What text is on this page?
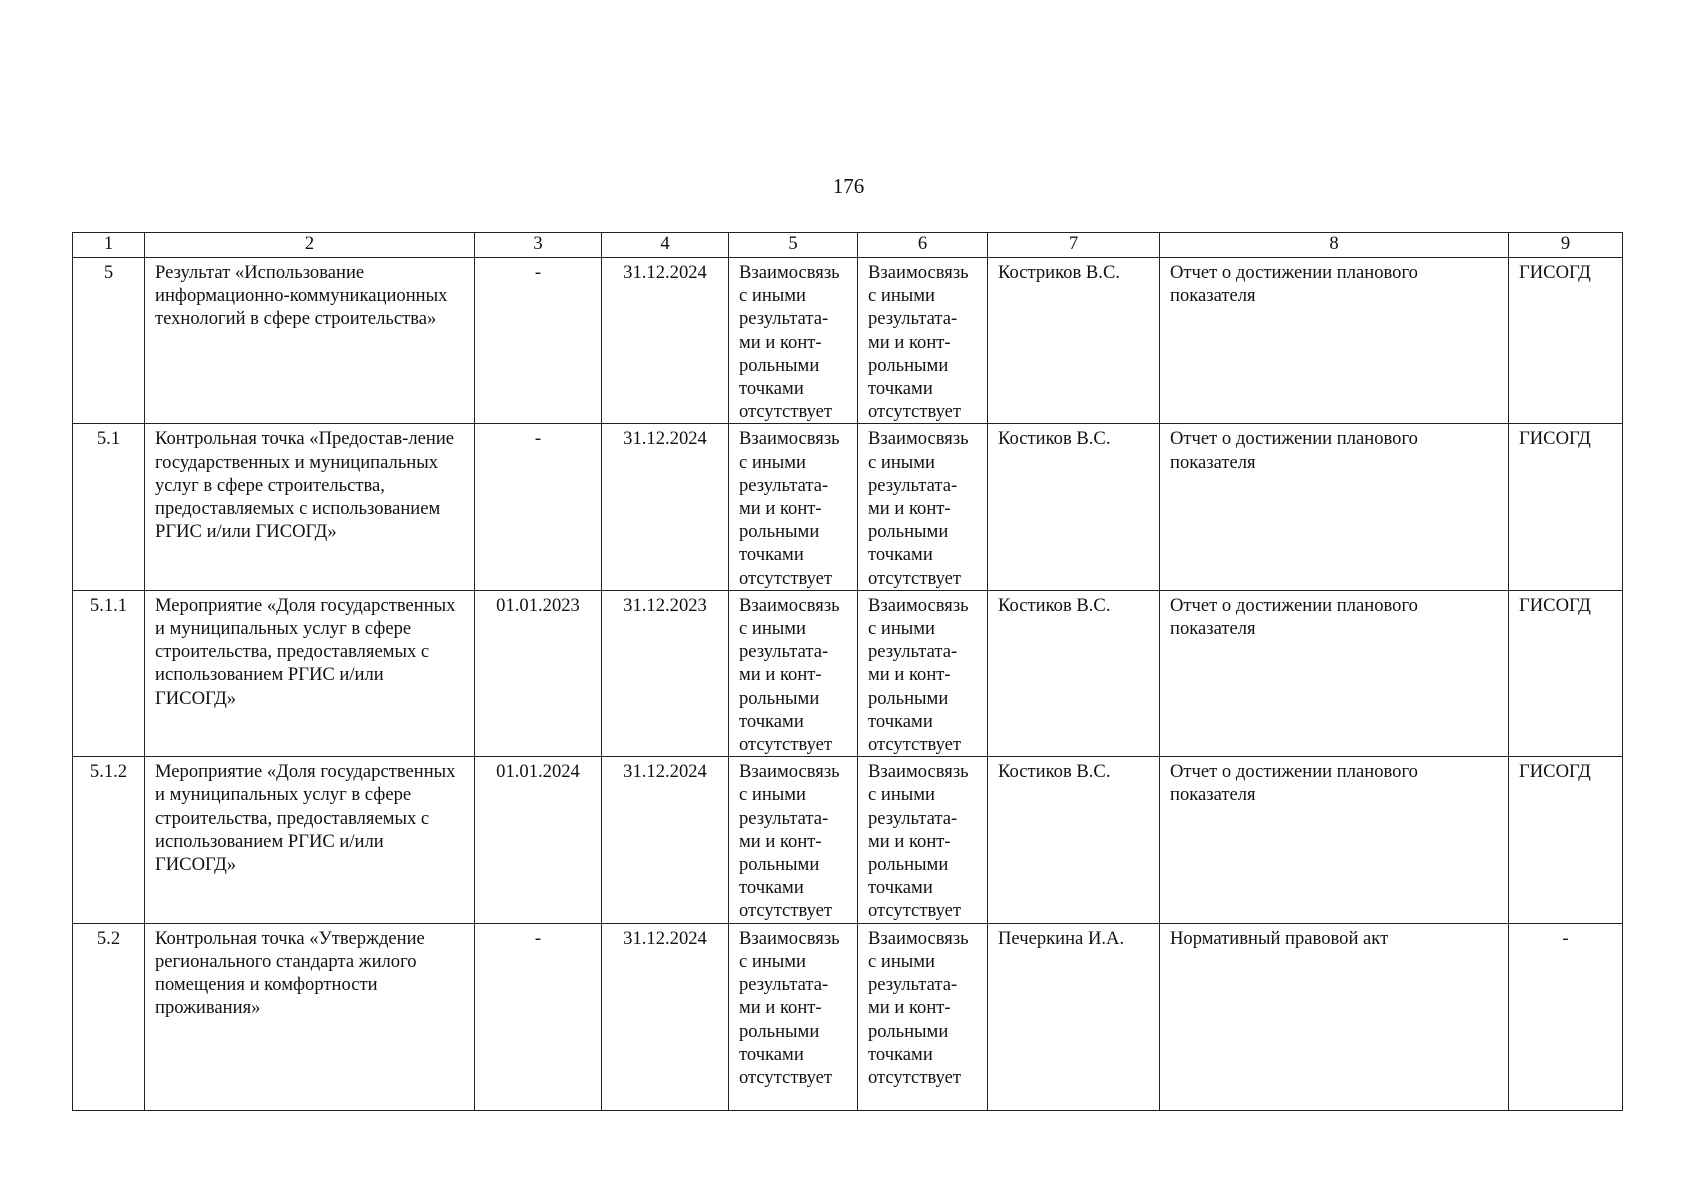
176
1	2	3	4	5	6	7	8	9
5	Результат «Использование информационно-коммуникационных технологий в сфере строительства»	-	31.12.2024	Взаимосвязь с иными результата-ми и конт-рольными точками отсутствует	Взаимосвязь с иными результата-ми и конт-рольными точками отсутствует	Костриков В.С.	Отчет о достижении планового показателя	ГИСОГД
5.1	Контрольная точка «Предостав-ление государственных и муниципальных услуг в сфере строительства, предоставляемых с использованием РГИС и/или ГИСОГД»	-	31.12.2024	Взаимосвязь с иными результата-ми и конт-рольными точками отсутствует	Взаимосвязь с иными результата-ми и конт-рольными точками отсутствует	Костиков В.С.	Отчет о достижении планового показателя	ГИСОГД
5.1.1	Мероприятие «Доля государственных и муниципальных услуг в сфере строительства, предоставляемых с использованием РГИС и/или ГИСОГД»	01.01.2023	31.12.2023	Взаимосвязь с иными результата-ми и конт-рольными точками отсутствует	Взаимосвязь с иными результата-ми и конт-рольными точками отсутствует	Костиков В.С.	Отчет о достижении планового показателя	ГИСОГД
5.1.2	Мероприятие «Доля государственных и муниципальных услуг в сфере строительства, предоставляемых с использованием РГИС и/или ГИСОГД»	01.01.2024	31.12.2024	Взаимосвязь с иными результата-ми и конт-рольными точками отсутствует	Взаимосвязь с иными результата-ми и конт-рольными точками отсутствует	Костиков В.С.	Отчет о достижении планового показателя	ГИСОГД
5.2	Контрольная точка «Утверждение регионального стандарта жилого помещения и комфортности проживания»	-	31.12.2024	Взаимосвязь с иными результата-ми и конт-рольными точками отсутствует	Взаимосвязь с иными результата-ми и конт-рольными точками отсутствует	Печеркина И.А.	Нормативный правовой акт	-
